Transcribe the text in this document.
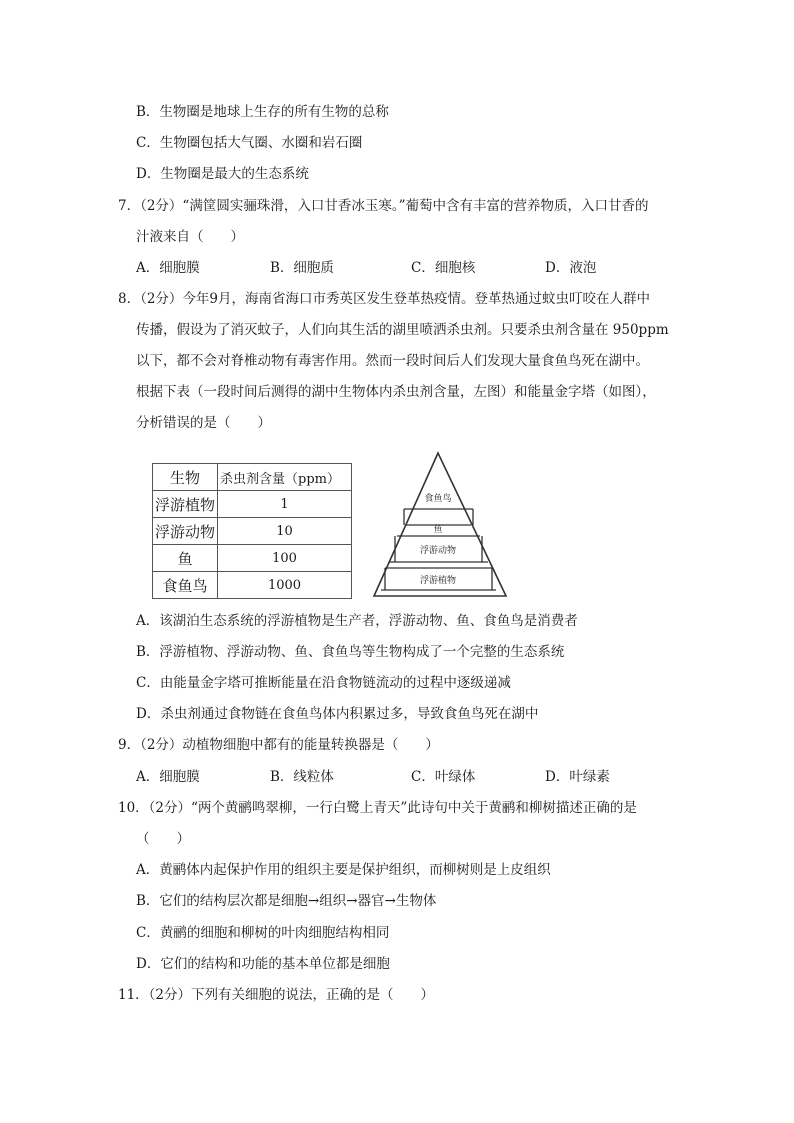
B．生物圈是地球上生存的所有生物的总称
C．生物圈包括大气圈、水圈和岩石圈
D．生物圈是最大的生态系统
7．（2分）“满筐圆实骊珠滑，入口甘香冰玉寒。”葡萄中含有丰富的营养物质，入口甘香的
汁液来自（　　）
A．细胞膜	B．细胞质	C．细胞核	D．液泡
8．（2分）今年9月，海南省海口市秀英区发生登革热疫情。登革热通过蚊虫叮咬在人群中
传播，假设为了消灭蚊子，人们向其生活的湖里喷洒杀虫剂。只要杀虫剂含量在 950ppm
以下，都不会对脊椎动物有毒害作用。然而一段时间后人们发现大量食鱼鸟死在湖中。
根据下表（一段时间后测得的湖中生物体内杀虫剂含量，左图）和能量金字塔（如图），
分析错误的是（　　）
生物	杀虫剂含量（ppm）
浮游植物	1
浮游动物	10
鱼	100
食鱼鸟	1000
食鱼鸟
鱼
浮游动物
浮游植物
A．该湖泊生态系统的浮游植物是生产者，浮游动物、鱼、食鱼鸟是消费者
B．浮游植物、浮游动物、鱼、食鱼鸟等生物构成了一个完整的生态系统
C．由能量金字塔可推断能量在沿食物链流动的过程中逐级递减
D．杀虫剂通过食物链在食鱼鸟体内积累过多，导致食鱼鸟死在湖中
9．（2分）动植物细胞中都有的能量转换器是（　　）
A．细胞膜	B．线粒体	C．叶绿体	D．叶绿素
10．（2分）“两个黄鹂鸣翠柳，一行白鹭上青天”此诗句中关于黄鹂和柳树描述正确的是
（　　）
A．黄鹂体内起保护作用的组织主要是保护组织，而柳树则是上皮组织
B．它们的结构层次都是细胞→组织→器官→生物体
C．黄鹂的细胞和柳树的叶肉细胞结构相同
D．它们的结构和功能的基本单位都是细胞
11．（2分）下列有关细胞的说法，正确的是（　　）
